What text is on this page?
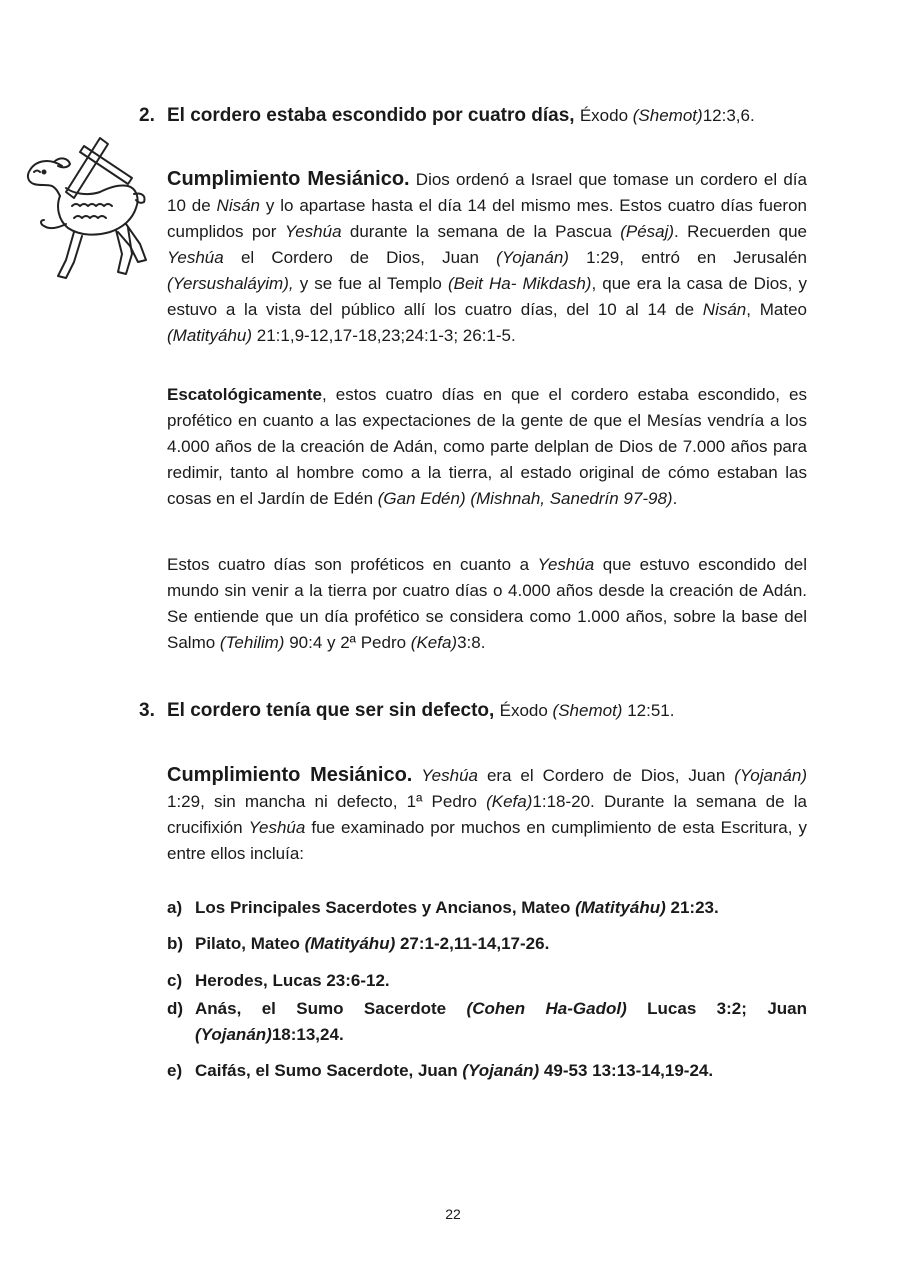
2. El cordero estaba escondido por cuatro días, Éxodo (Shemot)12:3,6.
Cumplimiento Mesiánico. Dios ordenó a Israel que tomase un cordero el día 10 de Nisán y lo apartase hasta el día 14 del mismo mes. Estos cuatro días fueron cumplidos por Yeshúa durante la semana de la Pascua (Pésaj). Recuerden que Yeshúa el Cordero de Dios, Juan (Yojanán) 1:29, entró en Jerusalén (Yersushaláyim), y se fue al Templo (Beit Ha- Mikdash), que era la casa de Dios, y estuvo a la vista del público allí los cuatro días, del 10 al 14 de Nisán, Mateo (Matityáhu) 21:1,9-12,17-18,23;24:1-3; 26:1-5.
Escatológicamente, estos cuatro días en que el cordero estaba escondido, es profético en cuanto a las expectaciones de la gente de que el Mesías vendría a los 4.000 años de la creación de Adán, como parte delplan de Dios de 7.000 años para redimir, tanto al hombre como a la tierra, al estado original de cómo estaban las cosas en el Jardín de Edén (Gan Edén) (Mishnah, Sanedrín 97-98).
Estos cuatro días son proféticos en cuanto a Yeshúa que estuvo escondido del mundo sin venir a la tierra por cuatro días o 4.000 años desde la creación de Adán. Se entiende que un día profético se considera como 1.000 años, sobre la base del Salmo (Tehilim) 90:4 y 2ª Pedro (Kefa)3:8.
3. El cordero tenía que ser sin defecto, Éxodo (Shemot) 12:51.
Cumplimiento Mesiánico. Yeshúa era el Cordero de Dios, Juan (Yojanán) 1:29, sin mancha ni defecto, 1ª Pedro (Kefa)1:18-20. Durante la semana de la crucifixión Yeshúa fue examinado por muchos en cumplimiento de esta Escritura, y entre ellos incluía:
a) Los Principales Sacerdotes y Ancianos, Mateo (Matityáhu) 21:23.
b) Pilato, Mateo (Matityáhu) 27:1-2,11-14,17-26.
c) Herodes, Lucas 23:6-12.
d) Anás, el Sumo Sacerdote (Cohen Ha-Gadol) Lucas 3:2; Juan (Yojanán)18:13,24.
e) Caifás, el Sumo Sacerdote, Juan (Yojanán) 49-53 13:13-14,19-24.
22
